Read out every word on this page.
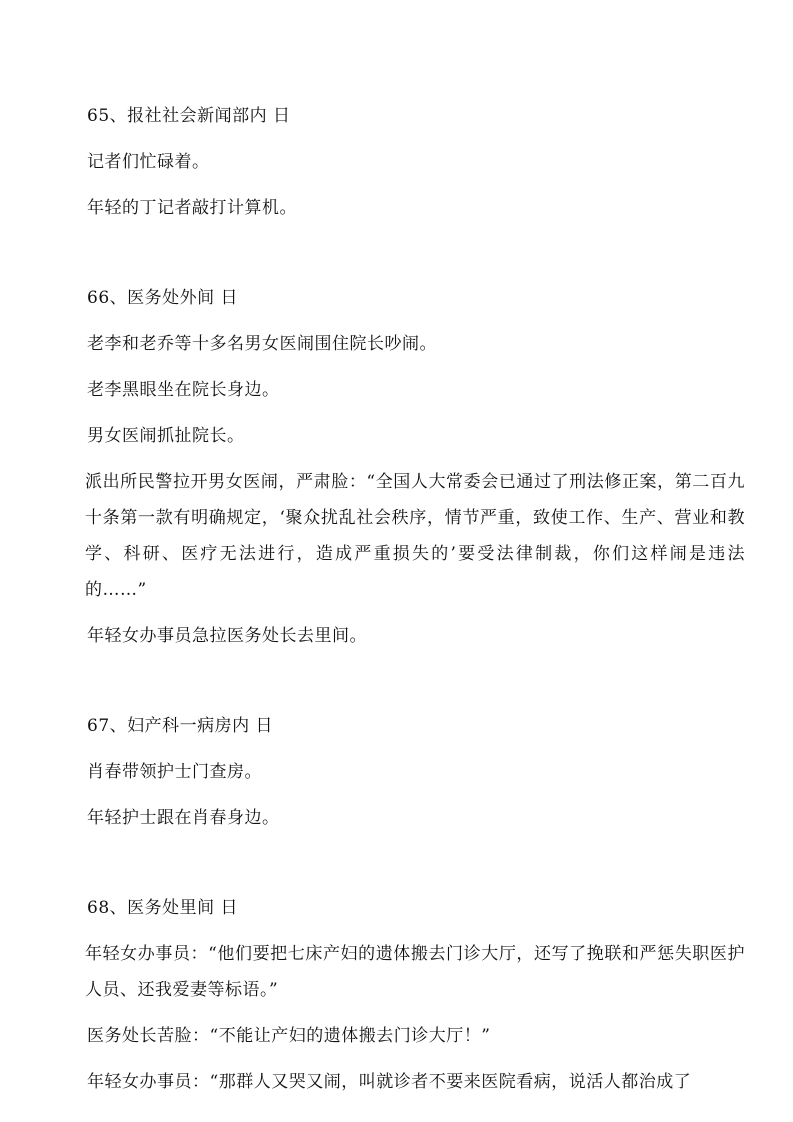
65、报社社会新闻部内 日

记者们忙碌着。

年轻的丁记者敲打计算机。

66、医务处外间 日

老李和老乔等十多名男女医闹围住院长吵闹。

老李黑眼坐在院长身边。

男女医闹抓扯院长。

派出所民警拉开男女医闹，严肃脸：“全国人大常委会已通过了刑法修正案，第二百九十条第一款有明确规定，‘聚众扰乱社会秩序，情节严重，致使工作、生产、营业和教学、科研、医疗无法进行，造成严重损失的’要受法律制裁，你们这样闹是违法的……”

年轻女办事员急拉医务处长去里间。

67、妇产科一病房内 日

肖春带领护士门查房。

年轻护士跟在肖春身边。

68、医务处里间 日

年轻女办事员：“他们要把七床产妇的遗体搬去门诊大厅，还写了挽联和严惩失职医护人员、还我爱妻等标语。”

医务处长苦脸：“不能让产妇的遗体搬去门诊大厅！”

年轻女办事员：“那群人又哭又闹，叫就诊者不要来医院看病，说活人都治成了
